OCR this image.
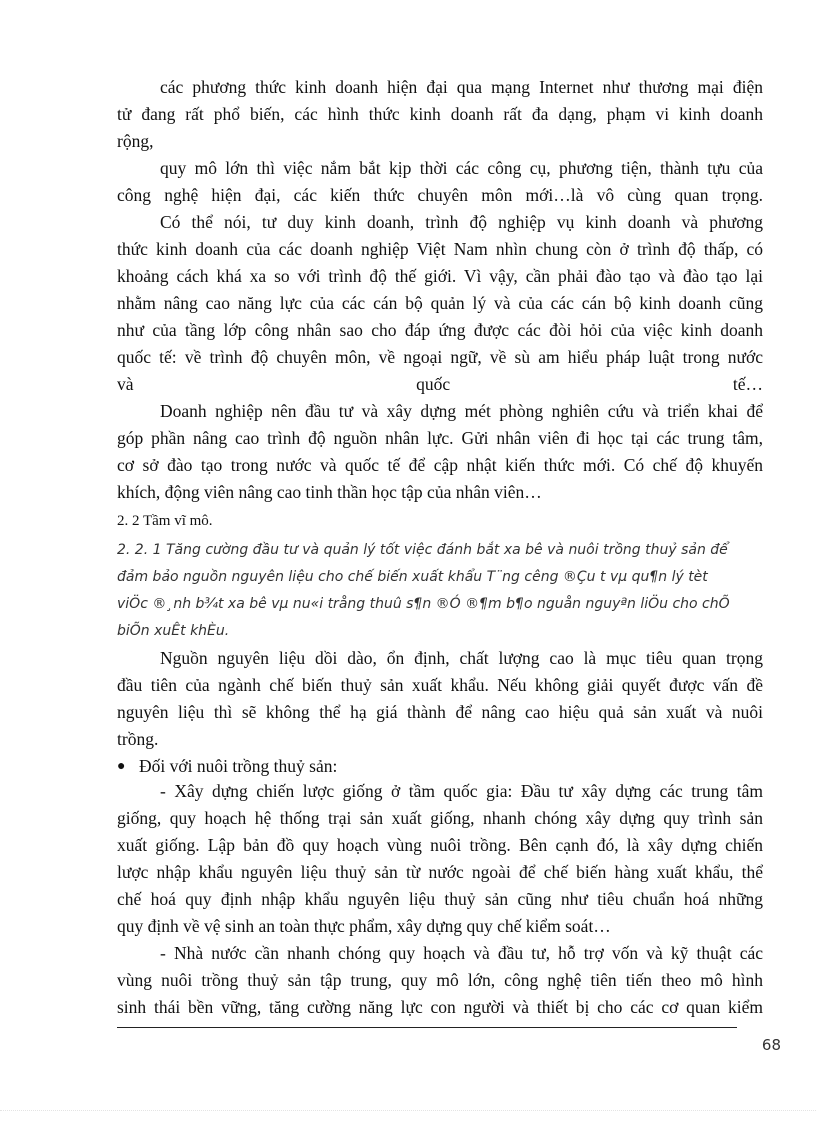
các phương thức kinh doanh hiện đại qua mạng Internet như thương mại điện
tử đang rất phổ biến, các hình thức kinh doanh rất đa dạng, phạm vi kinh doanh
rộng,
quy mô lớn thì việc nắm bắt kịp thời các công cụ, phương tiện, thành tựu của
công nghệ hiện đại, các kiến thức chuyên môn mới…là vô cùng quan trọng.
Có thể nói, tư duy kinh doanh, trình độ nghiệp vụ kinh doanh và phương
thức kinh doanh của các doanh nghiệp Việt Nam nhìn chung còn ở trình độ thấp, có
khoảng cách khá xa so với trình độ thế giới. Vì vậy, cần phải đào tạo và đào tạo lại
nhằm nâng cao năng lực của các cán bộ quản lý và của các cán bộ kinh doanh cũng
như của tầng lớp công nhân sao cho đáp ứng được các đòi hỏi của việc kinh doanh
quốc tế: về trình độ chuyên môn, về ngoại ngữ, về sù am hiểu pháp luật trong nước
và quốc tế…
Doanh nghiệp nên đầu tư và xây dựng mét phòng nghiên cứu và triển khai để
góp phần nâng cao trình độ nguồn nhân lực. Gửi nhân viên đi học tại các trung tâm,
cơ sở đào tạo trong nước và quốc tế để cập nhật kiến thức mới. Có chế độ khuyến
khích, động viên nâng cao tinh thần học tập của nhân viên…
2. 2 Tầm vĩ mô.
2. 2. 1 Tăng cường đầu tư và quản lý tốt việc đánh bắt xa bê và nuôi trồng thuỷ sản để
đảm bảo nguồn nguyên liệu cho chế biến xuất khẩu T¨ng cêng ®Çu t vµ qu¶n lý tèt
viÖc ®¸nh b¾t xa bê vµ nu«i trång thuû s¶n ®Ó ®¶m b¶o nguån nguyªn liÖu cho chÕ
biÕn xuÊt khÈu.
Nguồn nguyên liệu dồi dào, ổn định, chất lượng cao là mục tiêu quan trọng
đầu tiên của ngành chế biến thuỷ sản xuất khẩu. Nếu không giải quyết được vấn đề
nguyên liệu thì sẽ không thể hạ giá thành để nâng cao hiệu quả sản xuất và nuôi
trồng.
● Đối với nuôi trồng thuỷ sản:
- Xây dựng chiến lược giống ở tầm quốc gia: Đầu tư xây dựng các trung tâm
giống, quy hoạch hệ thống trại sản xuất giống, nhanh chóng xây dựng quy trình sản
xuất giống. Lập bản đồ quy hoạch vùng nuôi trồng. Bên cạnh đó, là xây dựng chiến
lược nhập khẩu nguyên liệu thuỷ sản từ nước ngoài để chế biến hàng xuất khẩu, thể
chế hoá quy định nhập khẩu nguyên liệu thuỷ sản cũng như tiêu chuẩn hoá những
quy định về vệ sinh an toàn thực phẩm, xây dựng quy chế kiểm soát…
- Nhà nước cần nhanh chóng quy hoạch và đầu tư, hỗ trợ vốn và kỹ thuật các
vùng nuôi trồng thuỷ sản tập trung, quy mô lớn, công nghệ tiên tiến theo mô hình
sinh thái bền vững, tăng cường năng lực con người và thiết bị cho các cơ quan kiểm
68
